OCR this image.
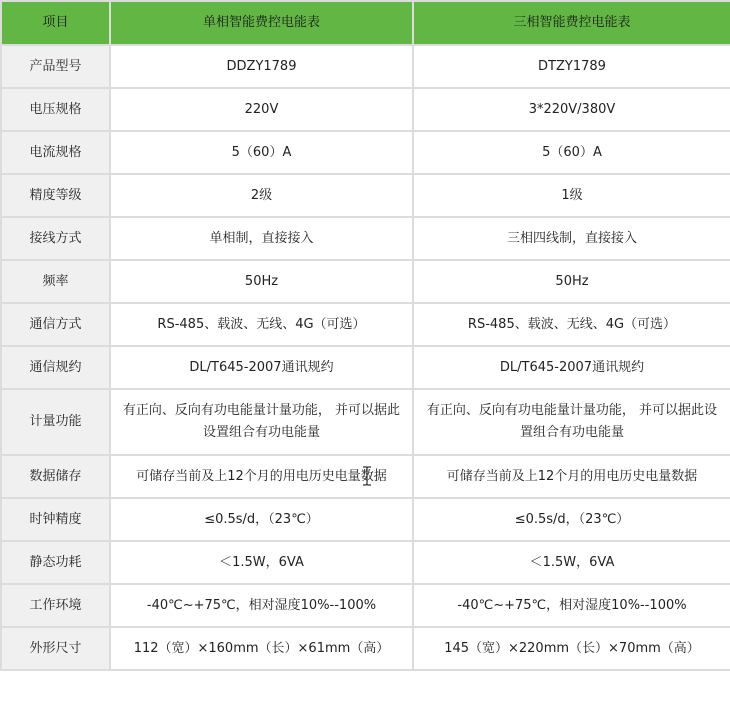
项目	单相智能费控电能表	三相智能费控电能表
产品型号	DDZY1789	DTZY1789
电压规格	220V	3*220V/380V
电流规格	5（60）A	5（60）A
精度等级	2级	1级
接线方式	单相制，直接接入	三相四线制，直接接入
频率	50Hz	50Hz
通信方式	RS-485、载波、无线、4G（可选）	RS-485、载波、无线、4G（可选）
通信规约	DL/T645-2007通讯规约	DL/T645-2007通讯规约
计量功能	有正向、反向有功电能量计量功能， 并可以据此设置组合有功电能量	有正向、反向有功电能量计量功能， 并可以据此设置组合有功电能量
数据储存	可储存当前及上12个月的用电历史电量数据	可储存当前及上12个月的用电历史电量数据
时钟精度	≤0.5s/d，（23℃）	≤0.5s/d，（23℃）
静态功耗	＜1.5W，6VA	＜1.5W，6VA
工作环境	-40℃~+75℃，相对湿度10%--100%	-40℃~+75℃，相对湿度10%--100%
外形尺寸	112（宽）×160mm（长）×61mm（高）	145（宽）×220mm（长）×70mm（高）
